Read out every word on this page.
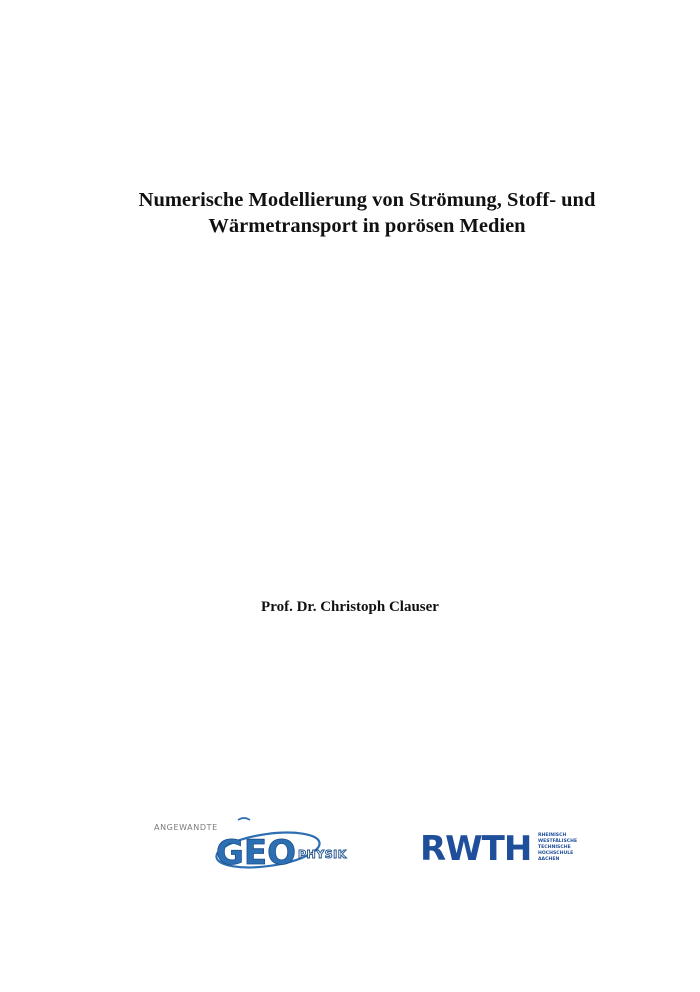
Numerische Modellierung von Strömung, Stoff- und
Wärmetransport in porösen Medien

Prof. Dr. Christoph Clauser

ANGEWANDTE
GEO PHYSIK RWTH RHEINISCH
WESTFÄLISCHE
TECHNISCHE
HOCHSCHULE
AACHEN
